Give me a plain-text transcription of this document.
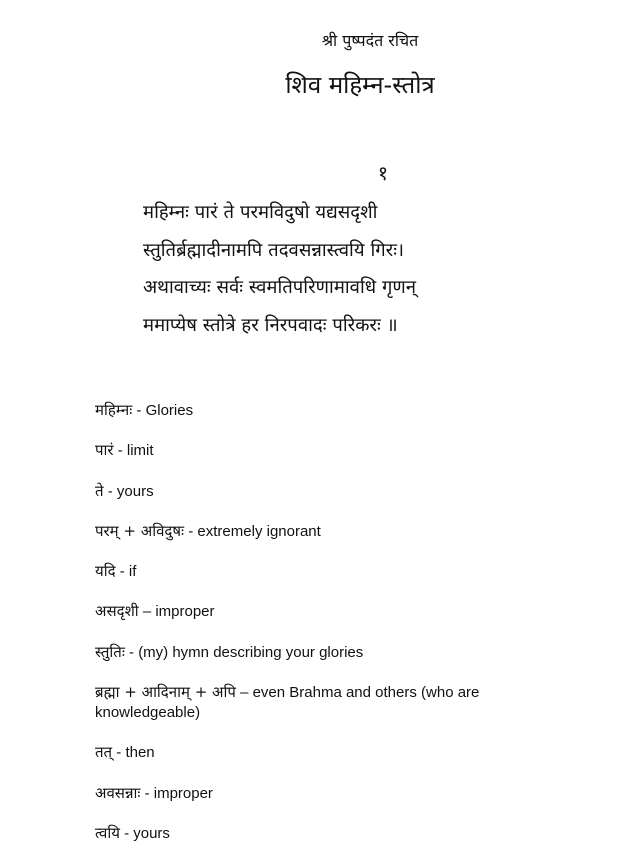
श्री पुष्पदंत रचित
शिव महिम्न-स्तोत्र
१
महिम्नः पारं ते परमविदुषो यद्यसदृशी
स्तुतिर्ब्रह्मादीनामपि तदवसन्नास्त्वयि गिरः।
अथावाच्यः सर्वः स्वमतिपरिणामावधि गृणन्
ममाप्येष स्तोत्रे हर निरपवादः परिकरः ॥
महिम्नः - Glories
पारं - limit
ते - yours
परम् + अविदुषः - extremely ignorant
यदि - if
असदृशी – improper
स्तुतिः - (my) hymn describing your glories
ब्रह्मा + आदिनाम् + अपि – even Brahma and others (who are knowledgeable)
तत् - then
अवसन्नाः - improper
त्वयि - yours
